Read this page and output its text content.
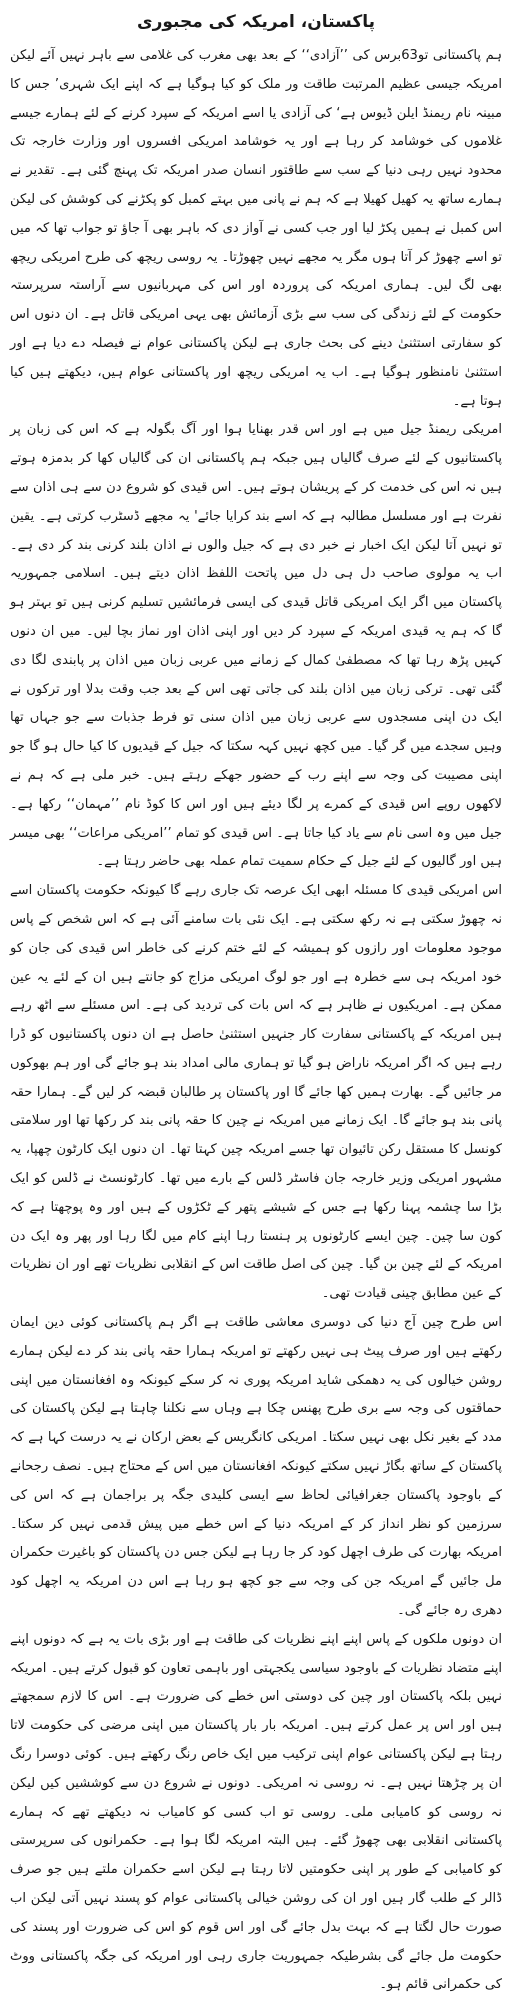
پاکستان، امریکہ کی مجبوری

ہم پاکستانی تو63برس کی ’’آزادی‘‘ کے بعد بھی مغرب کی غلامی سے باہر نہیں آئے لیکن امریکہ جیسی عظیم المرتبت طاقت ور ملک کو کیا ہوگیا ہے کہ اپنے ایک شہری’ جس کا مبینہ نام ریمنڈ ایلن ڈیوس ہے‘ کی آزادی یا اسے امریکہ کے سپرد کرنے کے لئے ہمارے جیسے غلاموں کی خوشامد کر رہا ہے اور یہ خوشامد امریکی افسروں اور وزارت خارجہ تک محدود نہیں رہی دنیا کے سب سے طاقتور انسان صدر امریکہ تک پہنچ گئی ہے۔ تقدیر نے ہمارے ساتھ یہ کھیل کھیلا ہے کہ ہم نے پانی میں بہتے کمبل کو پکڑنے کی کوشش کی لیکن اس کمبل نے ہمیں پکڑ لیا اور جب کسی نے آواز دی کہ باہر بھی آ جاؤ تو جواب تھا کہ میں تو اسے چھوڑ کر آتا ہوں مگر یہ مجھے نہیں چھوڑتا۔ یہ روسی ریچھ کی طرح امریکی ریچھ بھی لگ لیں۔ ہماری امریکہ کی پروردہ اور اس کی مہربانیوں سے آراستہ سرپرستہ حکومت کے لئے زندگی کی سب سے بڑی آزمائش بھی یہی امریکی قاتل ہے۔ ان دنوں اس کو سفارتی استثنیٰ دینے کی بحث جاری ہے لیکن پاکستانی عوام نے فیصلہ دے دیا ہے اور استثنیٰ نامنظور ہوگیا ہے۔ اب یہ امریکی ریچھ اور پاکستانی عوام ہیں، دیکھتے ہیں کیا ہوتا ہے۔

امریکی ریمنڈ جیل میں ہے اور اس قدر بھنایا ہوا اور آگ بگولہ ہے کہ اس کی زبان پر پاکستانیوں کے لئے صرف گالیاں ہیں جبکہ ہم پاکستانی ان کی گالیاں کھا کر بدمزہ ہوتے ہیں نہ اس کی خدمت کر کے پریشان ہوتے ہیں۔ اس قیدی کو شروع دن سے ہی اذان سے نفرت ہے اور مسلسل مطالبہ ہے کہ اسے بند کرایا جائے' یہ مجھے ڈسٹرب کرتی ہے۔ یقین تو نہیں آتا لیکن ایک اخبار نے خبر دی ہے کہ جیل والوں نے اذان بلند کرنی بند کر دی ہے۔ اب یہ مولوی صاحب دل ہی دل میں پاتحت اللفظ اذان دیتے ہیں۔ اسلامی جمہوریہ پاکستان میں اگر ایک امریکی قاتل قیدی کی ایسی فرمائشیں تسلیم کرنی ہیں تو بہتر ہو گا کہ ہم یہ قیدی امریکہ کے سپرد کر دیں اور اپنی اذان اور نماز بچا لیں۔ میں ان دنوں کہیں پڑھ رہا تھا کہ مصطفیٰ کمال کے زمانے میں عربی زبان میں اذان پر پابندی لگا دی گئی تھی۔ ترکی زبان میں اذان بلند کی جاتی تھی اس کے بعد جب وقت بدلا اور ترکوں نے ایک دن اپنی مسجدوں سے عربی زبان میں اذان سنی تو فرط جذبات سے جو جہاں تھا وہیں سجدے میں گر گیا۔ میں کچھ نہیں کہہ سکتا کہ جیل کے قیدیوں کا کیا حال ہو گا جو اپنی مصیبت کی وجہ سے اپنے رب کے حضور جھکے رہتے ہیں۔ خبر ملی ہے کہ ہم نے لاکھوں روپے اس قیدی کے کمرے پر لگا دیئے ہیں اور اس کا کوڈ نام ’’مہمان‘‘ رکھا ہے۔ جیل میں وہ اسی نام سے یاد کیا جاتا ہے۔ اس قیدی کو تمام ’’امریکی مراعات‘‘ بھی میسر ہیں اور گالیوں کے لئے جیل کے حکام سمیت تمام عملہ بھی حاضر رہتا ہے۔

اس امریکی قیدی کا مسئلہ ابھی ایک عرصہ تک جاری رہے گا کیونکہ حکومت پاکستان اسے نہ چھوڑ سکتی ہے نہ رکھ سکتی ہے۔ ایک نئی بات سامنے آئی ہے کہ اس شخص کے پاس موجود معلومات اور رازوں کو ہمیشہ کے لئے ختم کرنے کی خاطر اس قیدی کی جان کو خود امریکہ ہی سے خطرہ ہے اور جو لوگ امریکی مزاج کو جانتے ہیں ان کے لئے یہ عین ممکن ہے۔ امریکیوں نے ظاہر ہے کہ اس بات کی تردید کی ہے۔ اس مسئلے سے اٹھ رہے ہیں امریکہ کے پاکستانی سفارت کار جنہیں استثنیٰ حاصل ہے ان دنوں پاکستانیوں کو ڈرا رہے ہیں کہ اگر امریکہ ناراض ہو گیا تو ہماری مالی امداد بند ہو جائے گی اور ہم بھوکوں مر جائیں گے۔ بھارت ہمیں کھا جائے گا اور پاکستان پر طالبان قبضہ کر لیں گے۔ ہمارا حقہ پانی بند ہو جائے گا۔ ایک زمانے میں امریکہ نے چین کا حقہ پانی بند کر رکھا تھا اور سلامتی کونسل کا مستقل رکن تائیوان تھا جسے امریکہ چین کہتا تھا۔ ان دنوں ایک کارٹون چھپا، یہ مشہور امریکی وزیر خارجہ جان فاسٹر ڈلس کے بارے میں تھا۔ کارٹونسٹ نے ڈلس کو ایک بڑا سا چشمہ پہنا رکھا ہے جس کے شیشے پتھر کے ٹکڑوں کے ہیں اور وہ پوچھتا ہے کہ کون سا چین۔ چین ایسے کارٹونوں پر ہنستا رہا اپنے کام میں لگا رہا اور پھر وہ ایک دن امریکہ کے لئے چین بن گیا۔ چین کی اصل طاقت اس کے انقلابی نظریات تھے اور ان نظریات کے عین مطابق چینی قیادت تھی۔

اس طرح چین آج دنیا کی دوسری معاشی طاقت ہے اگر ہم پاکستانی کوئی دین ایمان رکھتے ہیں اور صرف پیٹ ہی نہیں رکھتے تو امریکہ ہمارا حقہ پانی بند کر دے لیکن ہمارے روشن خیالوں کی یہ دھمکی شاید امریکہ پوری نہ کر سکے کیونکہ وہ افغانستان میں اپنی حماقتوں کی وجہ سے بری طرح پھنس چکا ہے وہاں سے نکلنا چاہتا ہے لیکن پاکستان کی مدد کے بغیر نکل بھی نہیں سکتا۔ امریکی کانگریس کے بعض ارکان نے یہ درست کہا ہے کہ پاکستان کے ساتھ بگاڑ نہیں سکتے کیونکہ افغانستان میں اس کے محتاج ہیں۔ نصف رجحانے کے باوجود پاکستان جغرافیائی لحاظ سے ایسی کلیدی جگہ پر براجمان ہے کہ اس کی سرزمین کو نظر انداز کر کے امریکہ دنیا کے اس خطے میں پیش قدمی نہیں کر سکتا۔ امریکہ بھارت کی طرف اچھل کود کر جا رہا ہے لیکن جس دن پاکستان کو باغیرت حکمران مل جائیں گے امریکہ جن کی وجہ سے جو کچھ ہو رہا ہے اس دن امریکہ یہ اچھل کود دھری رہ جائے گی۔

ان دونوں ملکوں کے پاس اپنے اپنے نظریات کی طاقت ہے اور بڑی بات یہ ہے کہ دونوں اپنے اپنے متضاد نظریات کے باوجود سیاسی یکجہتی اور باہمی تعاون کو قبول کرتے ہیں۔ امریکہ نہیں بلکہ پاکستان اور چین کی دوستی اس خطے کی ضرورت ہے۔ اس کا لازم سمجھتے ہیں اور اس پر عمل کرتے ہیں۔ امریکہ بار بار پاکستان میں اپنی مرضی کی حکومت لاتا رہتا ہے لیکن پاکستانی عوام اپنی ترکیب میں ایک خاص رنگ رکھتے ہیں۔ کوئی دوسرا رنگ ان پر چڑھتا نہیں ہے۔ نہ روسی نہ امریکی۔ دونوں نے شروع دن سے کوششیں کیں لیکن نہ روسی کو کامیابی ملی۔ روسی تو اب کسی کو کامیاب نہ دیکھتے تھے کہ ہمارے پاکستانی انقلابی بھی چھوڑ گئے۔ ہیں البتہ امریکہ لگا ہوا ہے۔ حکمرانوں کی سرپرستی کو کامیابی کے طور پر اپنی حکومتیں لاتا رہتا ہے لیکن اسے حکمران ملتے ہیں جو صرف ڈالر کے طلب گار ہیں اور ان کی روشن خیالی پاکستانی عوام کو پسند نہیں آتی لیکن اب صورت حال لگتا ہے کہ بہت بدل جائے گی اور اس قوم کو اس کی ضرورت اور پسند کی حکومت مل جائے گی بشرطیکہ جمہوریت جاری رہی اور امریکہ کی جگہ پاکستانی ووٹ کی حکمرانی قائم ہو۔
